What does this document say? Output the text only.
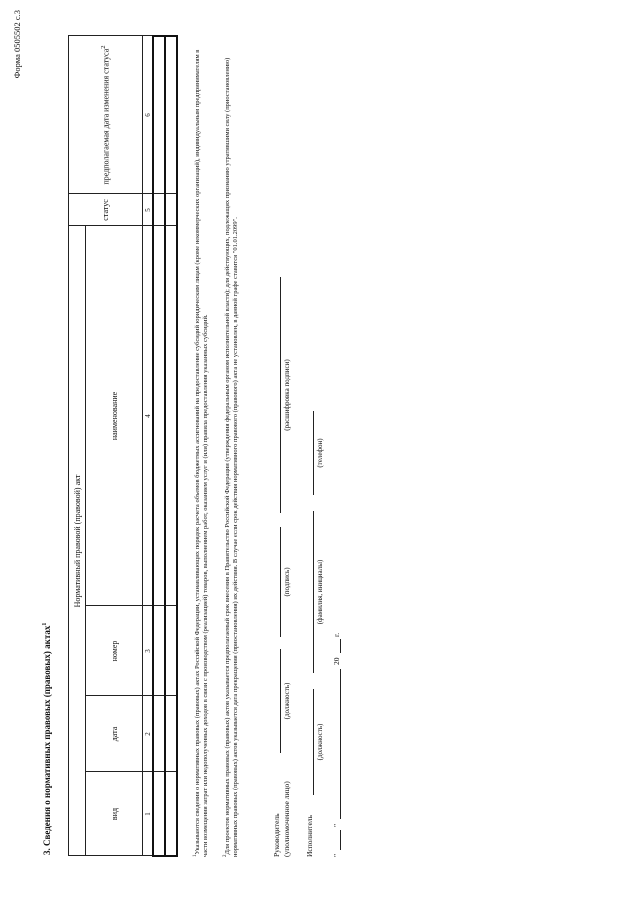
Форма 0505502 с.3
3. Сведения о нормативных правовых (правовых) актах$^1$
Нормативный правовой (правовой) акт				статус	предполагаемая дата изменения статуса$^2$
вид	дата	номер	наименование		
1	2	3	4	5	6

$^1$Указываются сведения о нормативных правовых (правовых) актах Российской Федерации, устанавливающих порядок расчета объемов бюджетных ассигнований на предоставление субсидий юридическим лицам (кроме некоммерческих организаций), индивидуальным предпринимателям в части возмещения затрат или недополученных доходов в связи с производством (реализацией) товаров, выполнением работ, оказанием услуг и (или) правила предоставления указанных субсидий.	$^2$Для проектов нормативных правовых (правовых) актов указывается предполагаемый срок внесения в Правительство Российской Федерации (утверждения федеральным органом исполнительной власти); для действующих, подлежащих признанию утратившими силу (приостановлению) нормативных правовых (правовых) актов указывается дата прекращения (приостановления) их действия. В случае если срок действия нормативного правового (правового) акта не установлен, в данной графе ставится "01.01.2099".	Руководитель (уполномоченное лицо)
(должность)
(подпись)
(расшифровка подписи)
Исполнитель
(должность)
(фамилия, инициалы)
(телефон)
"
"
20
г.
